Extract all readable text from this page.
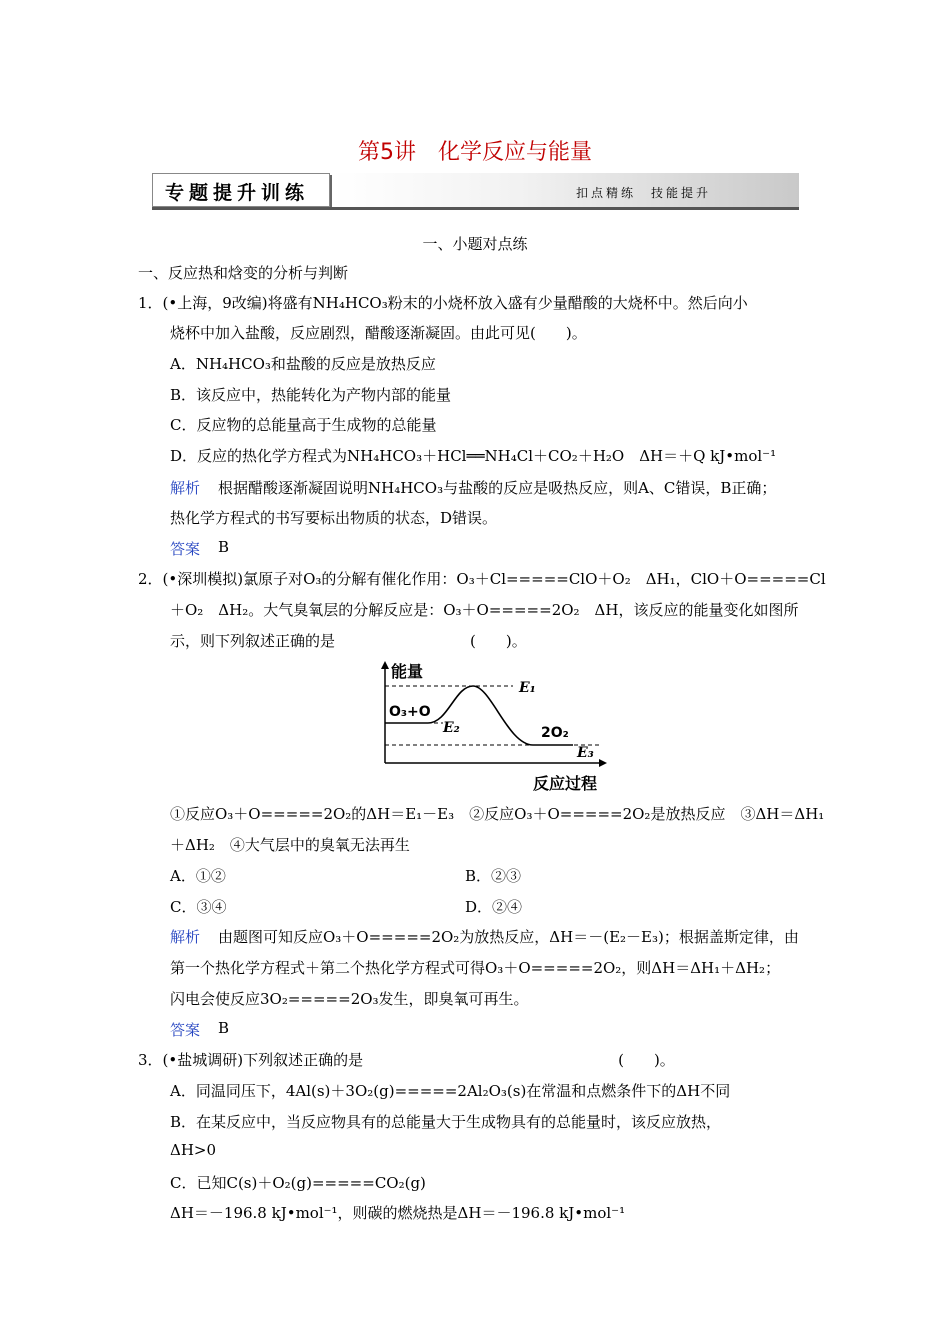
第5讲　化学反应与能量
专题提升训练	扣点精练　技能提升
一、小题对点练
一、反应热和焓变的分析与判断
1．(•上海，9改编)将盛有NH₄HCO₃粉末的小烧杯放入盛有少量醋酸的大烧杯中。然后向小
烧杯中加入盐酸，反应剧烈，醋酸逐渐凝固。由此可见(　　)。
A．NH₄HCO₃和盐酸的反应是放热反应
B．该反应中，热能转化为产物内部的能量
C．反应物的总能量高于生成物的总能量
D．反应的热化学方程式为NH₄HCO₃＋HCl══NH₄Cl＋CO₂＋H₂O　ΔH＝＋Q kJ•mol⁻¹
解析 根据醋酸逐渐凝固说明NH₄HCO₃与盐酸的反应是吸热反应，则A、C错误，B正确；
热化学方程式的书写要标出物质的状态，D错误。
答案 B
2．(•深圳模拟)氯原子对O₃的分解有催化作用：O₃＋Cl=====ClO＋O₂　ΔH₁，ClO＋O=====Cl
＋O₂　ΔH₂。大气臭氧层的分解反应是：O₃＋O=====2O₂　ΔH，该反应的能量变化如图所
示，则下列叙述正确的是　　　　　　　　　(　　)。
能量
E₁
O₃+O
E₂	2O₂
E₃
反应过程
①反应O₃＋O=====2O₂的ΔH＝E₁－E₃　②反应O₃＋O=====2O₂是放热反应　③ΔH＝ΔH₁
＋ΔH₂　④大气层中的臭氧无法再生
A．①②	B．②③
C．③④	D．②④
解析 由题图可知反应O₃＋O=====2O₂为放热反应，ΔH＝－(E₂－E₃)；根据盖斯定律，由
第一个热化学方程式＋第二个热化学方程式可得O₃＋O=====2O₂，则ΔH＝ΔH₁＋ΔH₂；
闪电会使反应3O₂=====2O₃发生，即臭氧可再生。
答案 B
3．(•盐城调研)下列叙述正确的是　　　　　　　　　　　　　　　　　(　　)。
A．同温同压下，4Al(s)＋3O₂(g)=====2Al₂O₃(s)在常温和点燃条件下的ΔH不同
B．在某反应中，当反应物具有的总能量大于生成物具有的总能量时，该反应放热，
ΔH>0
C．已知C(s)＋O₂(g)=====CO₂(g)
ΔH＝－196.8 kJ•mol⁻¹，则碳的燃烧热是ΔH＝－196.8 kJ•mol⁻¹
